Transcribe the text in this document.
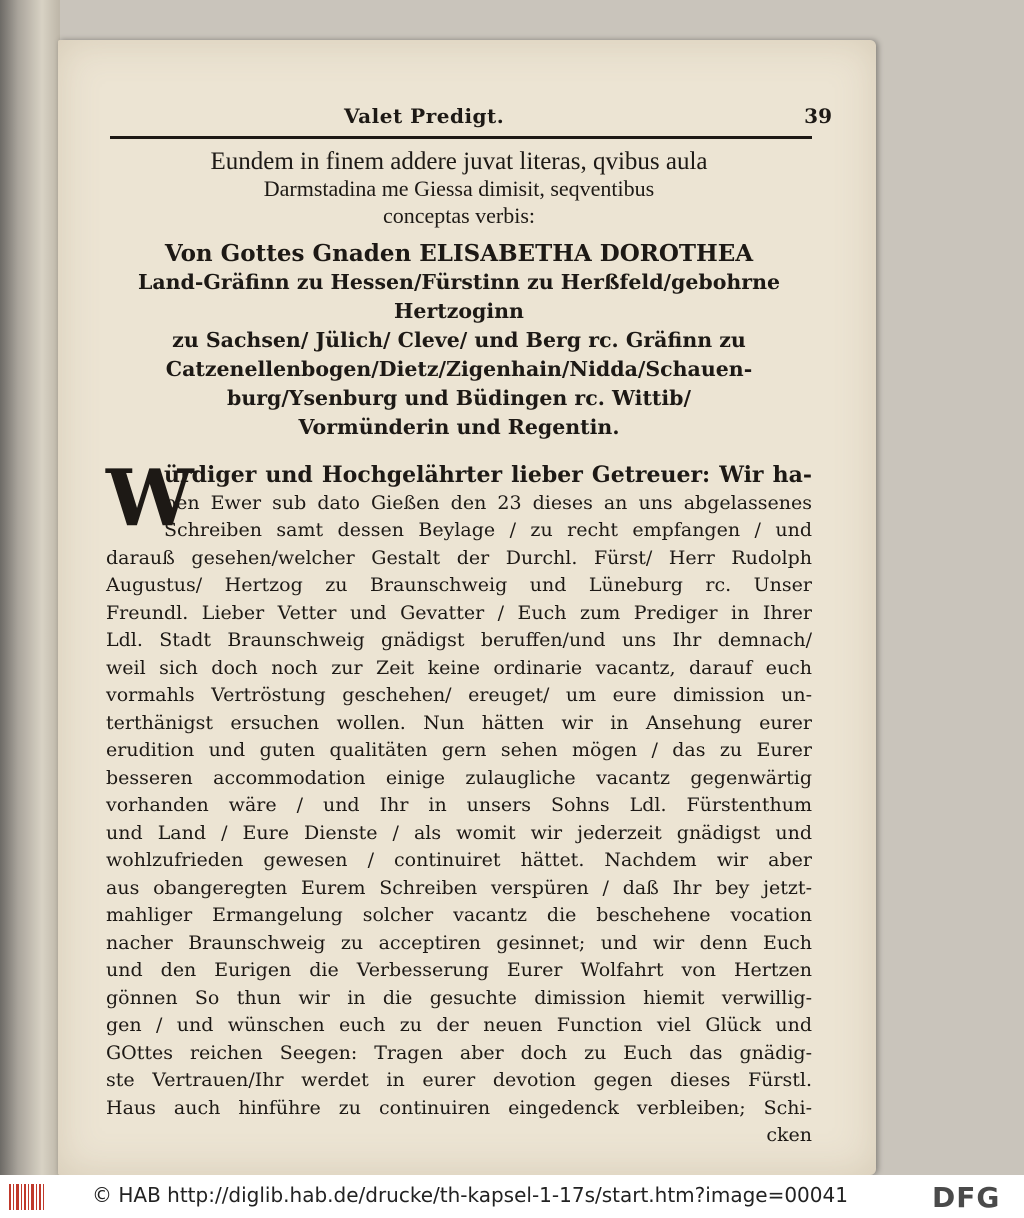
Valet Predigt.	39
Eundem in finem addere juvat literas, qvibus aula
Darmstadina me Giessa dimisit, seqventibus
conceptas verbis:
Von Gottes Gnaden ELISABETHA DOROTHEA
Land-Gräfinn zu Hessen/Fürstinn zu Herßfeld/gebohrne Hertzoginn
zu Sachsen/ Jülich/ Cleve/ und Berg rc. Gräfinn zu
Catzenellenbogen/Dietz/Zigenhain/Nidda/Schauen-
burg/Ysenburg und Büdingen rc. Wittib/
Vormünderin und Regentin.
W
ürdiger und Hochgelährter lieber Getreuer: Wir ha-
ben Ewer sub dato Gießen den 23 dieses an uns abgelassenes
Schreiben samt dessen Beylage / zu recht empfangen / und
darauß gesehen/welcher Gestalt der Durchl. Fürst/ Herr Rudolph
Augustus/ Hertzog zu Braunschweig und Lüneburg rc. Unser
Freundl. Lieber Vetter und Gevatter / Euch zum Prediger in Ihrer
Ldl. Stadt Braunschweig gnädigst beruffen/und uns Ihr demnach/
weil sich doch noch zur Zeit keine ordinarie vacantz, darauf euch
vormahls Vertröstung geschehen/ ereuget/ um eure dimission un-
terthänigst ersuchen wollen. Nun hätten wir in Ansehung eurer
erudition und guten qualitäten gern sehen mögen / das zu Eurer
besseren accommodation einige zulaugliche vacantz gegenwärtig
vorhanden wäre / und Ihr in unsers Sohns Ldl. Fürstenthum
und Land / Eure Dienste / als womit wir jederzeit gnädigst und
wohlzufrieden gewesen / continuiret hättet. Nachdem wir aber
aus obangeregten Eurem Schreiben verspüren / daß Ihr bey jetzt-
mahliger Ermangelung solcher vacantz die beschehene vocation
nacher Braunschweig zu acceptiren gesinnet; und wir denn Euch
und den Eurigen die Verbesserung Eurer Wolfahrt von Hertzen
gönnen So thun wir in die gesuchte dimission hiemit verwillig-
gen / und wünschen euch zu der neuen Function viel Glück und
GOttes reichen Seegen: Tragen aber doch zu Euch das gnädig-
ste Vertrauen/Ihr werdet in eurer devotion gegen dieses Fürstl.
Haus auch hinführe zu continuiren eingedenck verbleiben; Schi-
cken
© HAB http://diglib.hab.de/drucke/th-kapsel-1-17s/start.htm?image=00041	DFG
